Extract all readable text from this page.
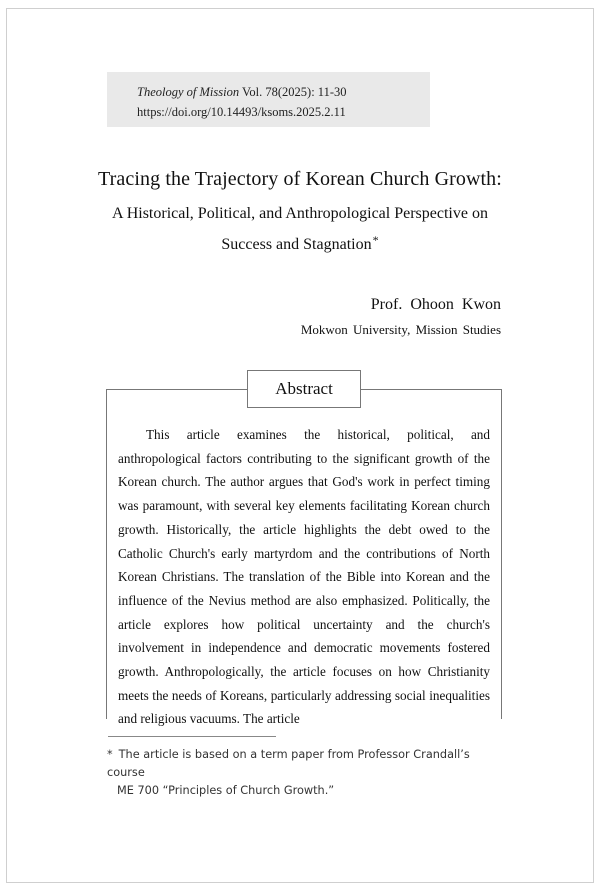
Theology of Mission Vol. 78(2025): 11-30
https://doi.org/10.14493/ksoms.2025.2.11
Tracing the Trajectory of Korean Church Growth:
A Historical, Political, and Anthropological Perspective on
Success and Stagnation*
Prof. Ohoon Kwon
Mokwon University, Mission Studies
Abstract

This article examines the historical, political, and anthropological factors contributing to the significant growth of the Korean church. The author argues that God's work in perfect timing was paramount, with several key elements facilitating Korean church growth. Historically, the article highlights the debt owed to the Catholic Church's early martyrdom and the contributions of North Korean Christians. The translation of the Bible into Korean and the influence of the Nevius method are also emphasized. Politically, the article explores how political uncertainty and the church's involvement in independence and democratic movements fostered growth. Anthropologically, the article focuses on how Christianity meets the needs of Koreans, particularly addressing social inequalities and religious vacuums. The article

* The article is based on a term paper from Professor Crandall’s course
ME 700 “Principles of Church Growth.”
